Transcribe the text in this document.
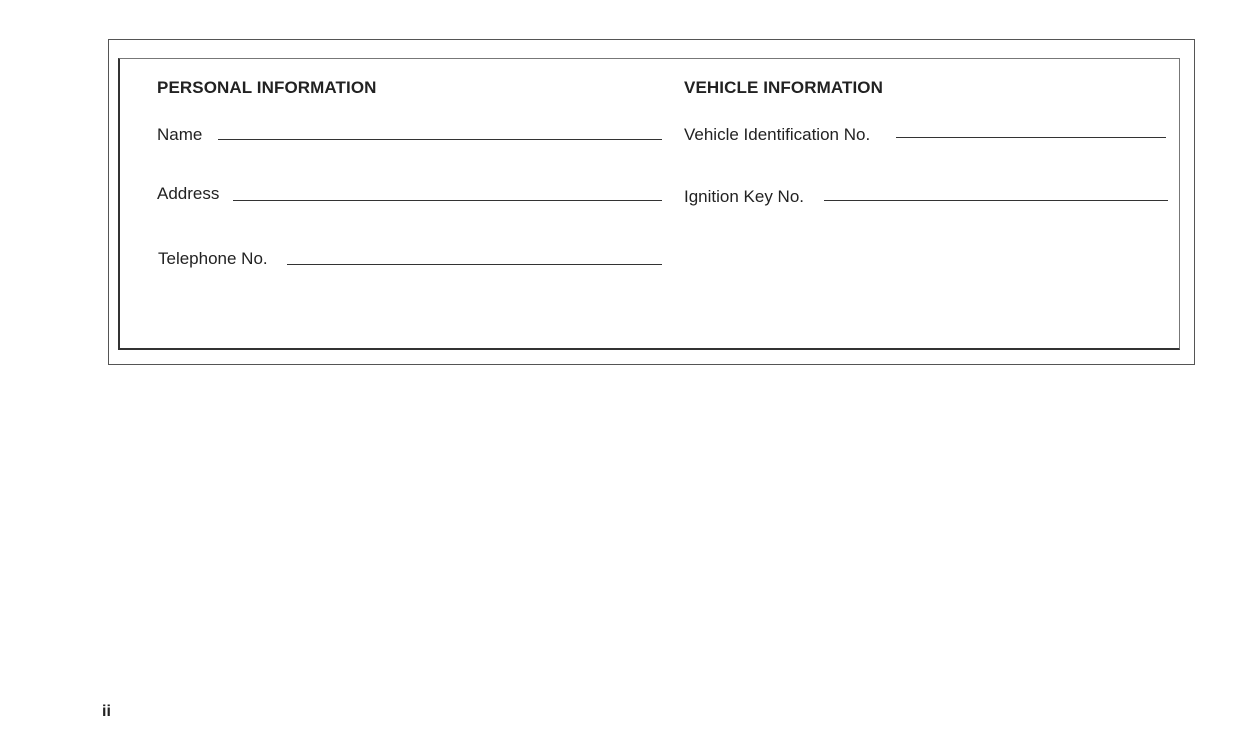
PERSONAL INFORMATION
Name
Address
Telephone No.
VEHICLE INFORMATION
Vehicle Identification No.
Ignition Key No.
ii
